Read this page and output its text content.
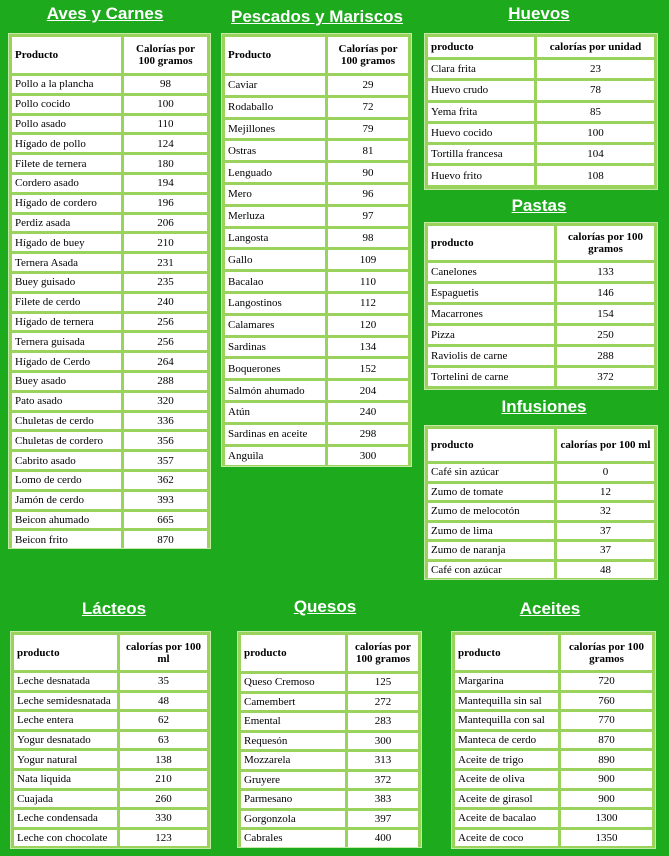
Aves y Carnes
Producto	Calorías por 100 gramos
Pollo a la plancha	98
Pollo cocido	100
Pollo asado	110
Hígado de pollo	124
Filete de ternera	180
Cordero asado	194
Hígado de cordero	196
Perdiz asada	206
Hígado de buey	210
Ternera Asada	231
Buey guisado	235
Filete de cerdo	240
Hígado de ternera	256
Ternera guisada	256
Hígado de Cerdo	264
Buey asado	288
Pato asado	320
Chuletas de cerdo	336
Chuletas de cordero	356
Cabrito asado	357
Lomo de cerdo	362
Jamón de cerdo	393
Beicon ahumado	665
Beicon frito	870
Pescados y Mariscos
Producto	Calorías por 100 gramos
Caviar	29
Rodaballo	72
Mejillones	79
Ostras	81
Lenguado	90
Mero	96
Merluza	97
Langosta	98
Gallo	109
Bacalao	110
Langostinos	112
Calamares	120
Sardinas	134
Boquerones	152
Salmón ahumado	204
Atún	240
Sardinas en aceite	298
Anguila	300
Huevos
producto	calorías por unidad
Clara frita	23
Huevo crudo	78
Yema frita	85
Huevo cocido	100
Tortilla francesa	104
Huevo frito	108
Pastas
producto	calorías por 100 gramos
Canelones	133
Espaguetis	146
Macarrones	154
Pizza	250
Raviolis de carne	288
Tortelini de carne	372
Infusiones
producto	calorías por 100 ml
Café sin azúcar	0
Zumo de tomate	12
Zumo de melocotón	32
Zumo de lima	37
Zumo de naranja	37
Café con azúcar	48
Lácteos
producto	calorías por 100 ml
Leche desnatada	35
Leche semidesnatada	48
Leche entera	62
Yogur desnatado	63
Yogur natural	138
Nata liquida	210
Cuajada	260
Leche condensada	330
Leche con chocolate	123
Quesos
producto	calorías por 100 gramos
Queso Cremoso	125
Camembert	272
Emental	283
Requesón	300
Mozzarela	313
Gruyere	372
Parmesano	383
Gorgonzola	397
Cabrales	400
Aceites
producto	calorías por 100 gramos
Margarina	720
Mantequilla sin sal	760
Mantequilla con sal	770
Manteca de cerdo	870
Aceite de trigo	890
Aceite de oliva	900
Aceite de girasol	900
Aceite de bacalao	1300
Aceite de coco	1350
